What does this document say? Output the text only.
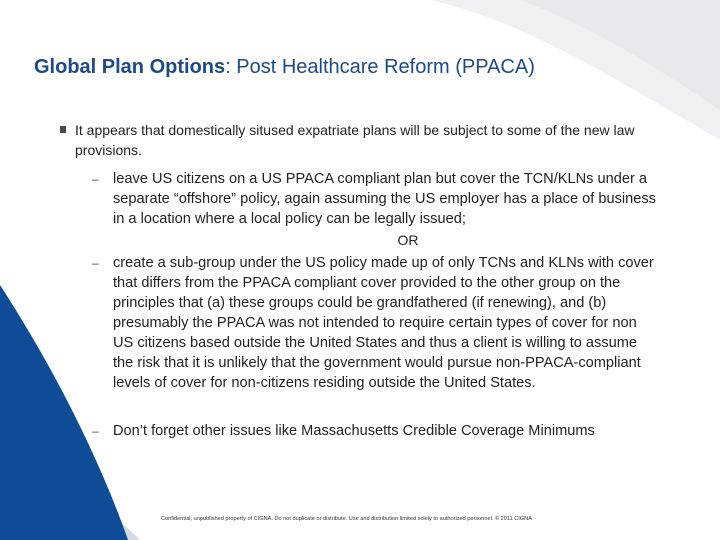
Global Plan Options: Post Healthcare Reform (PPACA)
It appears that domestically sitused expatriate plans will be subject to some of the new law provisions.
– leave US citizens on a US PPACA compliant plan but cover the TCN/KLNs under a separate “offshore” policy, again assuming the US employer has a place of business in a location where a local policy can be legally issued;
OR
– create a sub-group under the US policy made up of only TCNs and KLNs with cover that differs from the PPACA compliant cover provided to the other group on the principles that (a) these groups could be grandfathered (if renewing), and (b) presumably the PPACA was not intended to require certain types of cover for non US citizens based outside the United States and thus a client is willing to assume the risk that it is unlikely that the government would pursue non-PPACA-compliant levels of cover for non-citizens residing outside the United States.
– Don’t forget other issues like Massachusetts Credible Coverage Minimums
Confidential, unpublished property of CIGNA. Do not duplicate or distribute. Use and distribution limited solely to authorized personnel. © 2011 CIGNA
